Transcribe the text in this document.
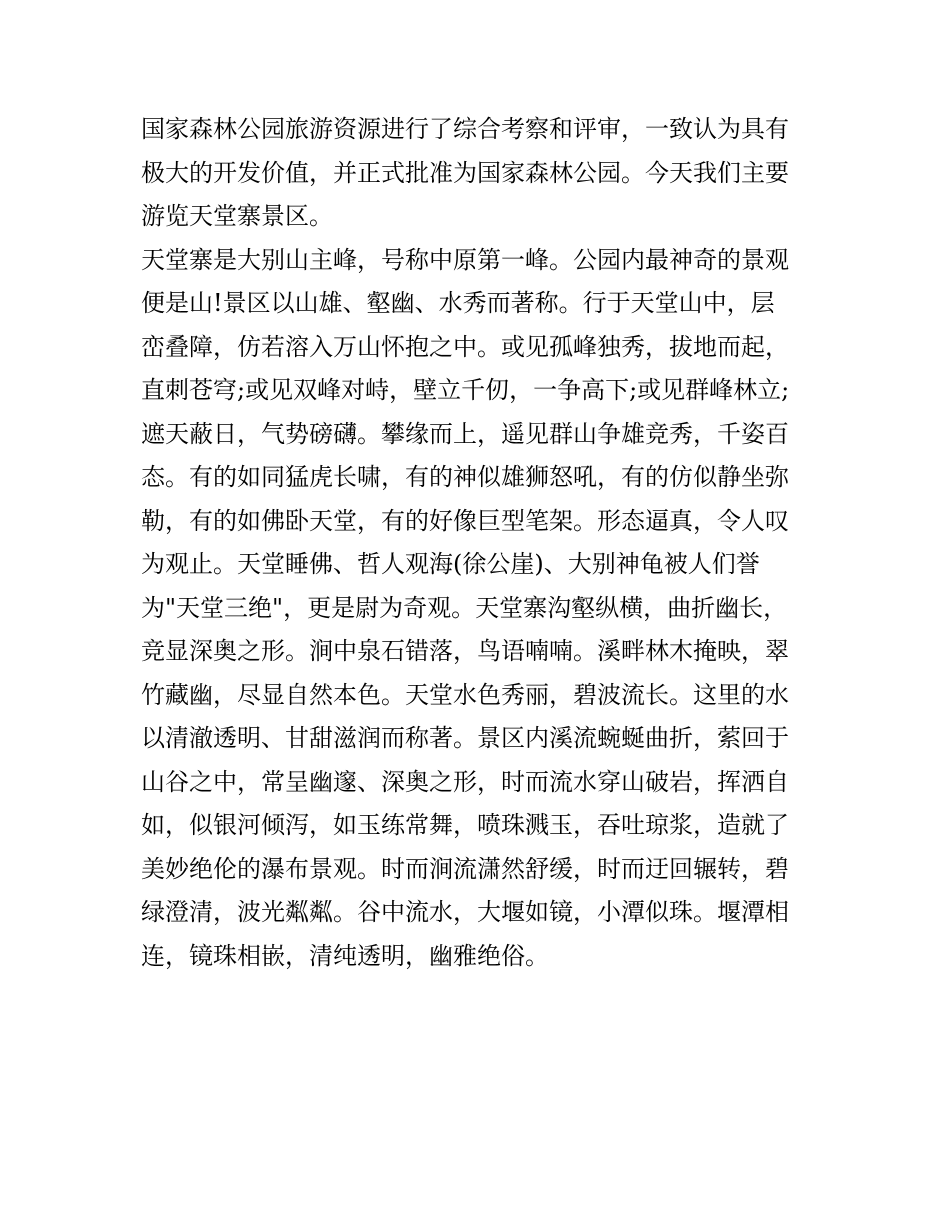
国家森林公园旅游资源进行了综合考察和评审，一致认为具有
极大的开发价值，并正式批准为国家森林公园。今天我们主要
游览天堂寨景区。
天堂寨是大别山主峰，号称中原第一峰。公园内最神奇的景观
便是山!景区以山雄、壑幽、水秀而著称。行于天堂山中，层
峦叠障，仿若溶入万山怀抱之中。或见孤峰独秀，拔地而起，
直刺苍穹;或见双峰对峙，壁立千仞，一争高下;或见群峰林立;
遮天蔽日，气势磅礴。攀缘而上，遥见群山争雄竞秀，千姿百
态。有的如同猛虎长啸，有的神似雄狮怒吼，有的仿似静坐弥
勒，有的如佛卧天堂，有的好像巨型笔架。形态逼真，令人叹
为观止。天堂睡佛、哲人观海(徐公崖)、大别神龟被人们誉
为"天堂三绝"，更是尉为奇观。天堂寨沟壑纵横，曲折幽长，
竞显深奥之形。涧中泉石错落，鸟语喃喃。溪畔林木掩映，翠
竹藏幽，尽显自然本色。天堂水色秀丽，碧波流长。这里的水
以清澈透明、甘甜滋润而称著。景区内溪流蜿蜒曲折，萦回于
山谷之中，常呈幽邃、深奥之形，时而流水穿山破岩，挥洒自
如，似银河倾泻，如玉练常舞，喷珠溅玉，吞吐琼浆，造就了
美妙绝伦的瀑布景观。时而涧流潇然舒缓，时而迂回辗转，碧
绿澄清，波光粼粼。谷中流水，大堰如镜，小潭似珠。堰潭相
连，镜珠相嵌，清纯透明，幽雅绝俗。
